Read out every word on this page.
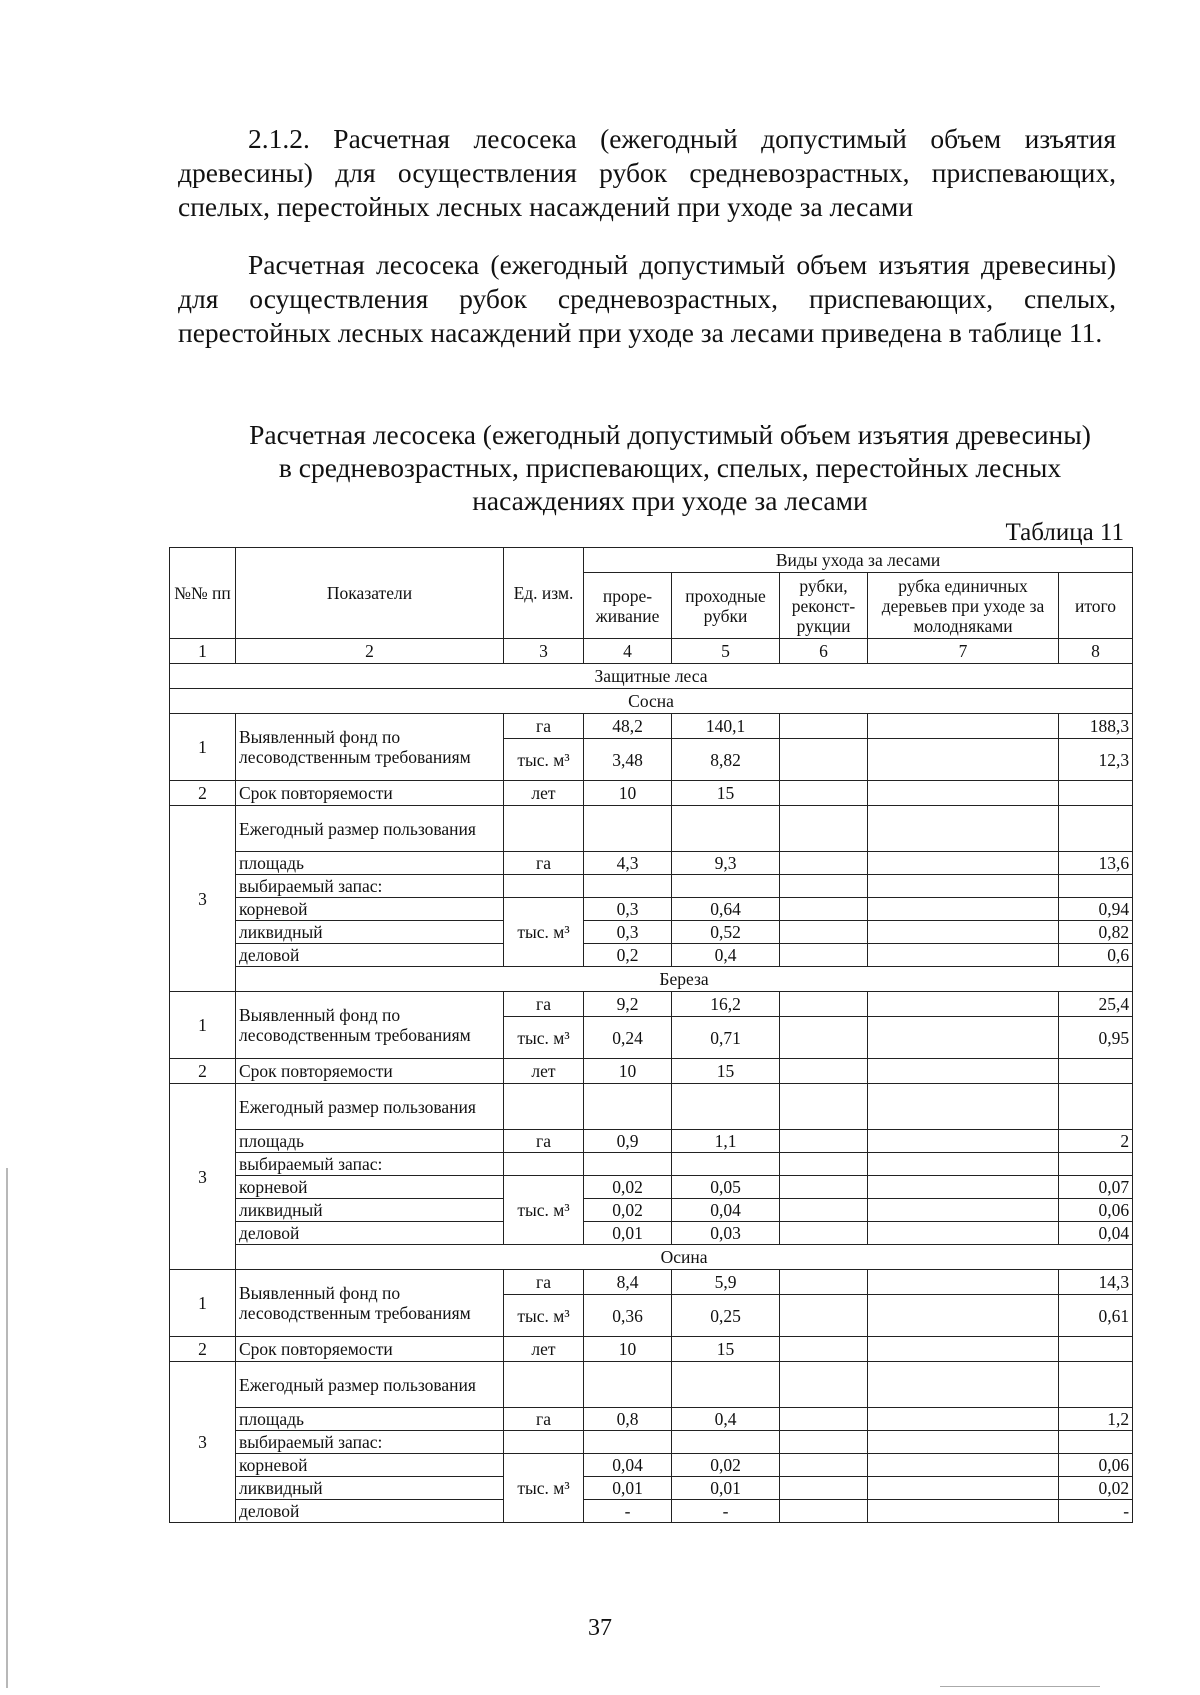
2.1.2. Расчетная лесосека (ежегодный допустимый объем изъятия древесины) для осуществления рубок средневозрастных, приспевающих, спелых, перестойных лесных насаждений при уходе за лесами
Расчетная лесосека (ежегодный допустимый объем изъятия древесины) для осуществления рубок средневозрастных, приспевающих, спелых, перестойных лесных насаждений при уходе за лесами приведена в таблице 11.
Расчетная лесосека (ежегодный допустимый объем изъятия древесины)
в средневозрастных, приспевающих, спелых, перестойных лесных
насаждениях при уходе за лесами
Таблица 11
№№ пп	Показатели	Ед. изм.	Виды ухода за лесами				
			проре-живание	проходные рубки	рубки, реконст-рукции	рубка единичных деревьев при уходе за молодняками	итого
1	2	3	4	5	6	7	8
Защитные леса							
Сосна							
1	Выявленный фонд по лесоводственным требованиям	га	48,2	140,1			188,3
		тыс. м³	3,48	8,82			12,3
2	Срок повторяемости	лет	10	15			
3	Ежегодный размер пользования						
	площадь	га	4,3	9,3			13,6
	выбираемый запас:						
	корневой	тыс. м³	0,3	0,64			0,94
	ликвидный		0,3	0,52			0,82
	деловой		0,2	0,4			0,6
	Береза						
1	Выявленный фонд по лесоводственным требованиям	га	9,2	16,2			25,4
		тыс. м³	0,24	0,71			0,95
2	Срок повторяемости	лет	10	15			
3	Ежегодный размер пользования						
	площадь	га	0,9	1,1			2
	выбираемый запас:						
	корневой	тыс. м³	0,02	0,05			0,07
	ликвидный		0,02	0,04			0,06
	деловой		0,01	0,03			0,04
	Осина						
1	Выявленный фонд по лесоводственным требованиям	га	8,4	5,9			14,3
		тыс. м³	0,36	0,25			0,61
2	Срок повторяемости	лет	10	15			
3	Ежегодный размер пользования						
	площадь	га	0,8	0,4			1,2
	выбираемый запас:						
	корневой	тыс. м³	0,04	0,02			0,06
	ликвидный		0,01	0,01			0,02
	деловой		-	-			-
37
